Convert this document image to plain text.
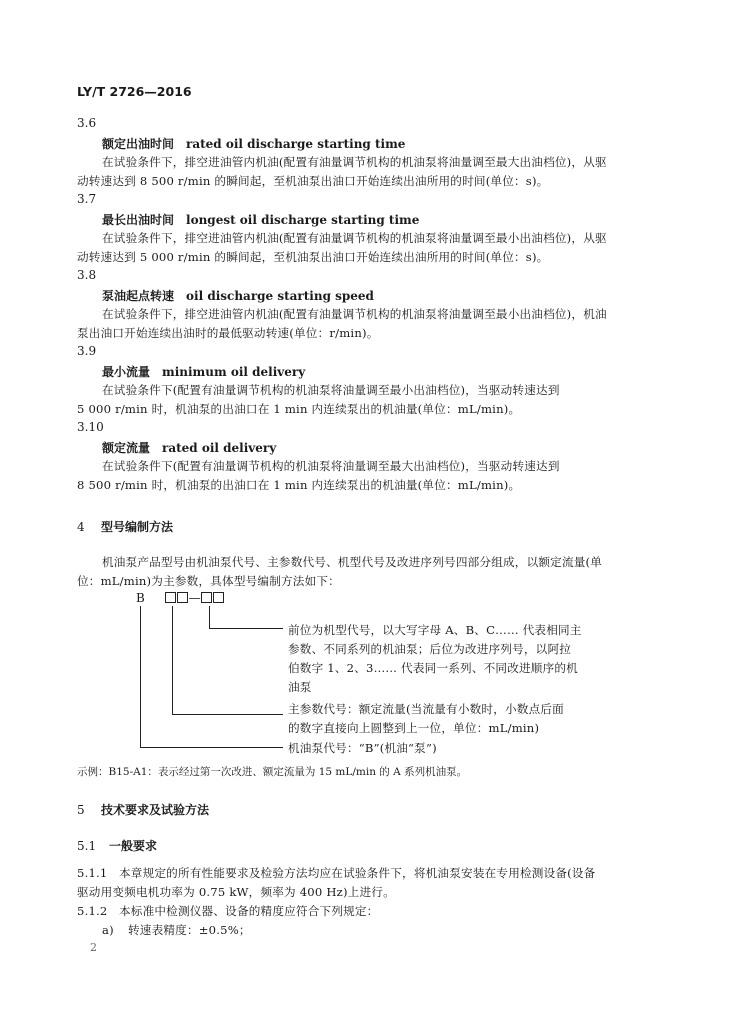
LY/T 2726—2016
3.6
额定出油时间 rated oil discharge starting time
在试验条件下，排空进油管内机油(配置有油量调节机构的机油泵将油量调至最大出油档位)，从驱
动转速达到 8 500 r/min 的瞬间起，至机油泵出油口开始连续出油所用的时间(单位：s)。
3.7
最长出油时间 longest oil discharge starting time
在试验条件下，排空进油管内机油(配置有油量调节机构的机油泵将油量调至最小出油档位)，从驱
动转速达到 5 000 r/min 的瞬间起，至机油泵出油口开始连续出油所用的时间(单位：s)。
3.8
泵油起点转速 oil discharge starting speed
在试验条件下，排空进油管内机油(配置有油量调节机构的机油泵将油量调至最小出油档位)，机油
泵出油口开始连续出油时的最低驱动转速(单位：r/min)。
3.9
最小流量 minimum oil delivery
在试验条件下(配置有油量调节机构的机油泵将油量调至最小出油档位)，当驱动转速达到
5 000 r/min 时，机油泵的出油口在 1 min 内连续泵出的机油量(单位：mL/min)。
3.10
额定流量 rated oil delivery
在试验条件下(配置有油量调节机构的机油泵将油量调至最大出油档位)，当驱动转速达到
8 500 r/min 时，机油泵的出油口在 1 min 内连续泵出的机油量(单位：mL/min)。
4 型号编制方法
机油泵产品型号由机油泵代号、主参数代号、机型代号及改进序列号四部分组成，以额定流量(单
位：mL/min)为主参数，具体型号编制方法如下：
B	—
前位为机型代号，以大写字母 A、B、C…… 代表相同主
参数、不同系列的机油泵；后位为改进序列号，以阿拉
伯数字 1、2、3…… 代表同一系列、不同改进顺序的机
油泵
主参数代号：额定流量(当流量有小数时，小数点后面
的数字直接向上圆整到上一位，单位：mL/min)
机油泵代号：“B”(机油“泵”)
示例：B15-A1：表示经过第一次改进、额定流量为 15 mL/min 的 A 系列机油泵。
5 技术要求及试验方法
5.1 一般要求
5.1.1 本章规定的所有性能要求及检验方法均应在试验条件下，将机油泵安装在专用检测设备(设备
驱动用变频电机功率为 0.75 kW，频率为 400 Hz)上进行。
5.1.2 本标准中检测仪器、设备的精度应符合下列规定：
a) 转速表精度：±0.5%；
2
